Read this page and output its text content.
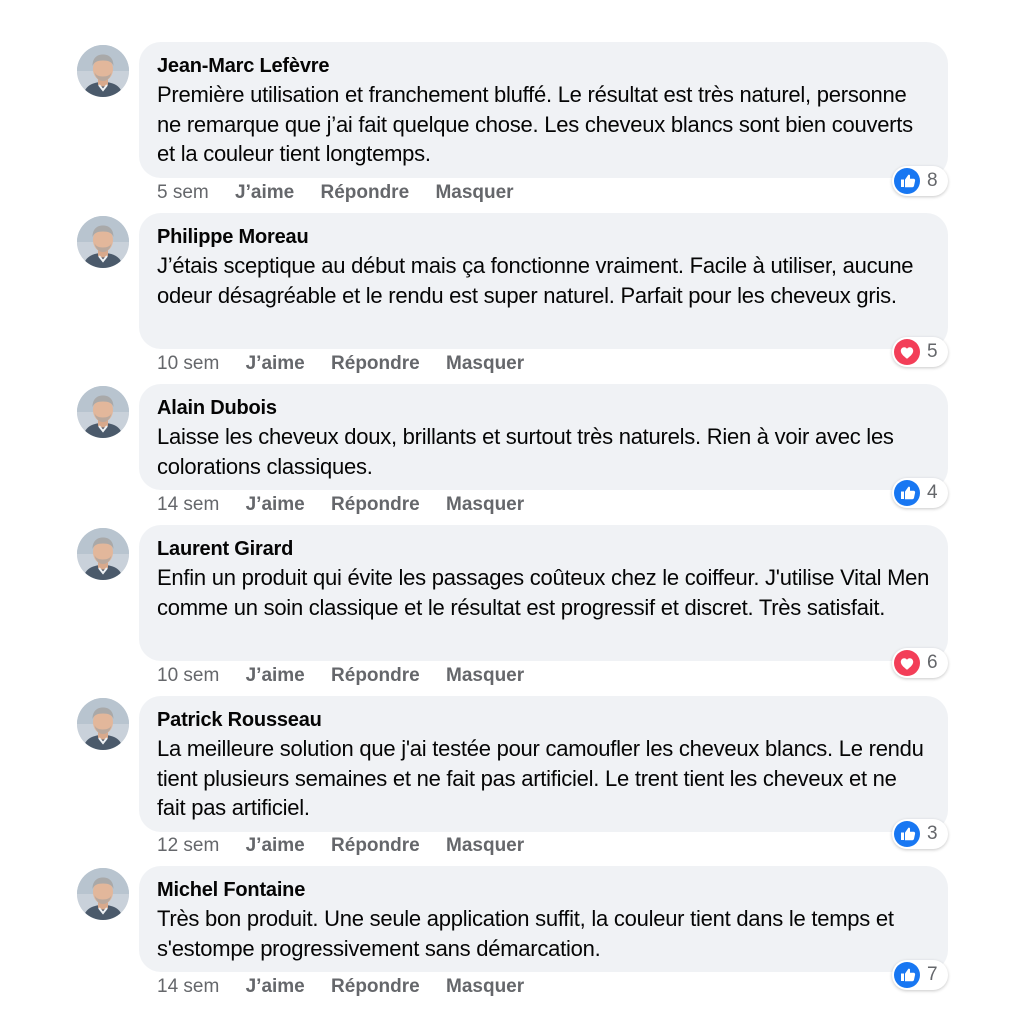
Jean-Marc Lefèvre
Première utilisation et franchement bluffé. Le résultat est très naturel, personne ne remarque que j’ai fait quelque chose. Les cheveux blancs sont bien couverts et la couleur tient longtemps.
8
5 sem J’aime Répondre Masquer
Philippe Moreau
J’étais sceptique au début mais ça fonctionne vraiment. Facile à utiliser, aucune odeur désagréable et le rendu est super naturel. Parfait pour les cheveux gris.
5
10 sem J’aime Répondre Masquer
Alain Dubois
Laisse les cheveux doux, brillants et surtout très naturels. Rien à voir avec les colorations classiques.
4
14 sem J’aime Répondre Masquer
Laurent Girard
Enfin un produit qui évite les passages coûteux chez le coiffeur. J'utilise Vital Men comme un soin classique et le résultat est progressif et discret. Très satisfait.
6
10 sem J’aime Répondre Masquer
Patrick Rousseau
La meilleure solution que j'ai testée pour camoufler les cheveux blancs. Le rendu tient plusieurs semaines et ne fait pas artificiel. Le trent tient les cheveux et ne fait pas artificiel.
3
12 sem J’aime Répondre Masquer
Michel Fontaine
Très bon produit. Une seule application suffit, la couleur tient dans le temps et s'estompe progressivement sans démarcation.
7
14 sem J’aime Répondre Masquer
